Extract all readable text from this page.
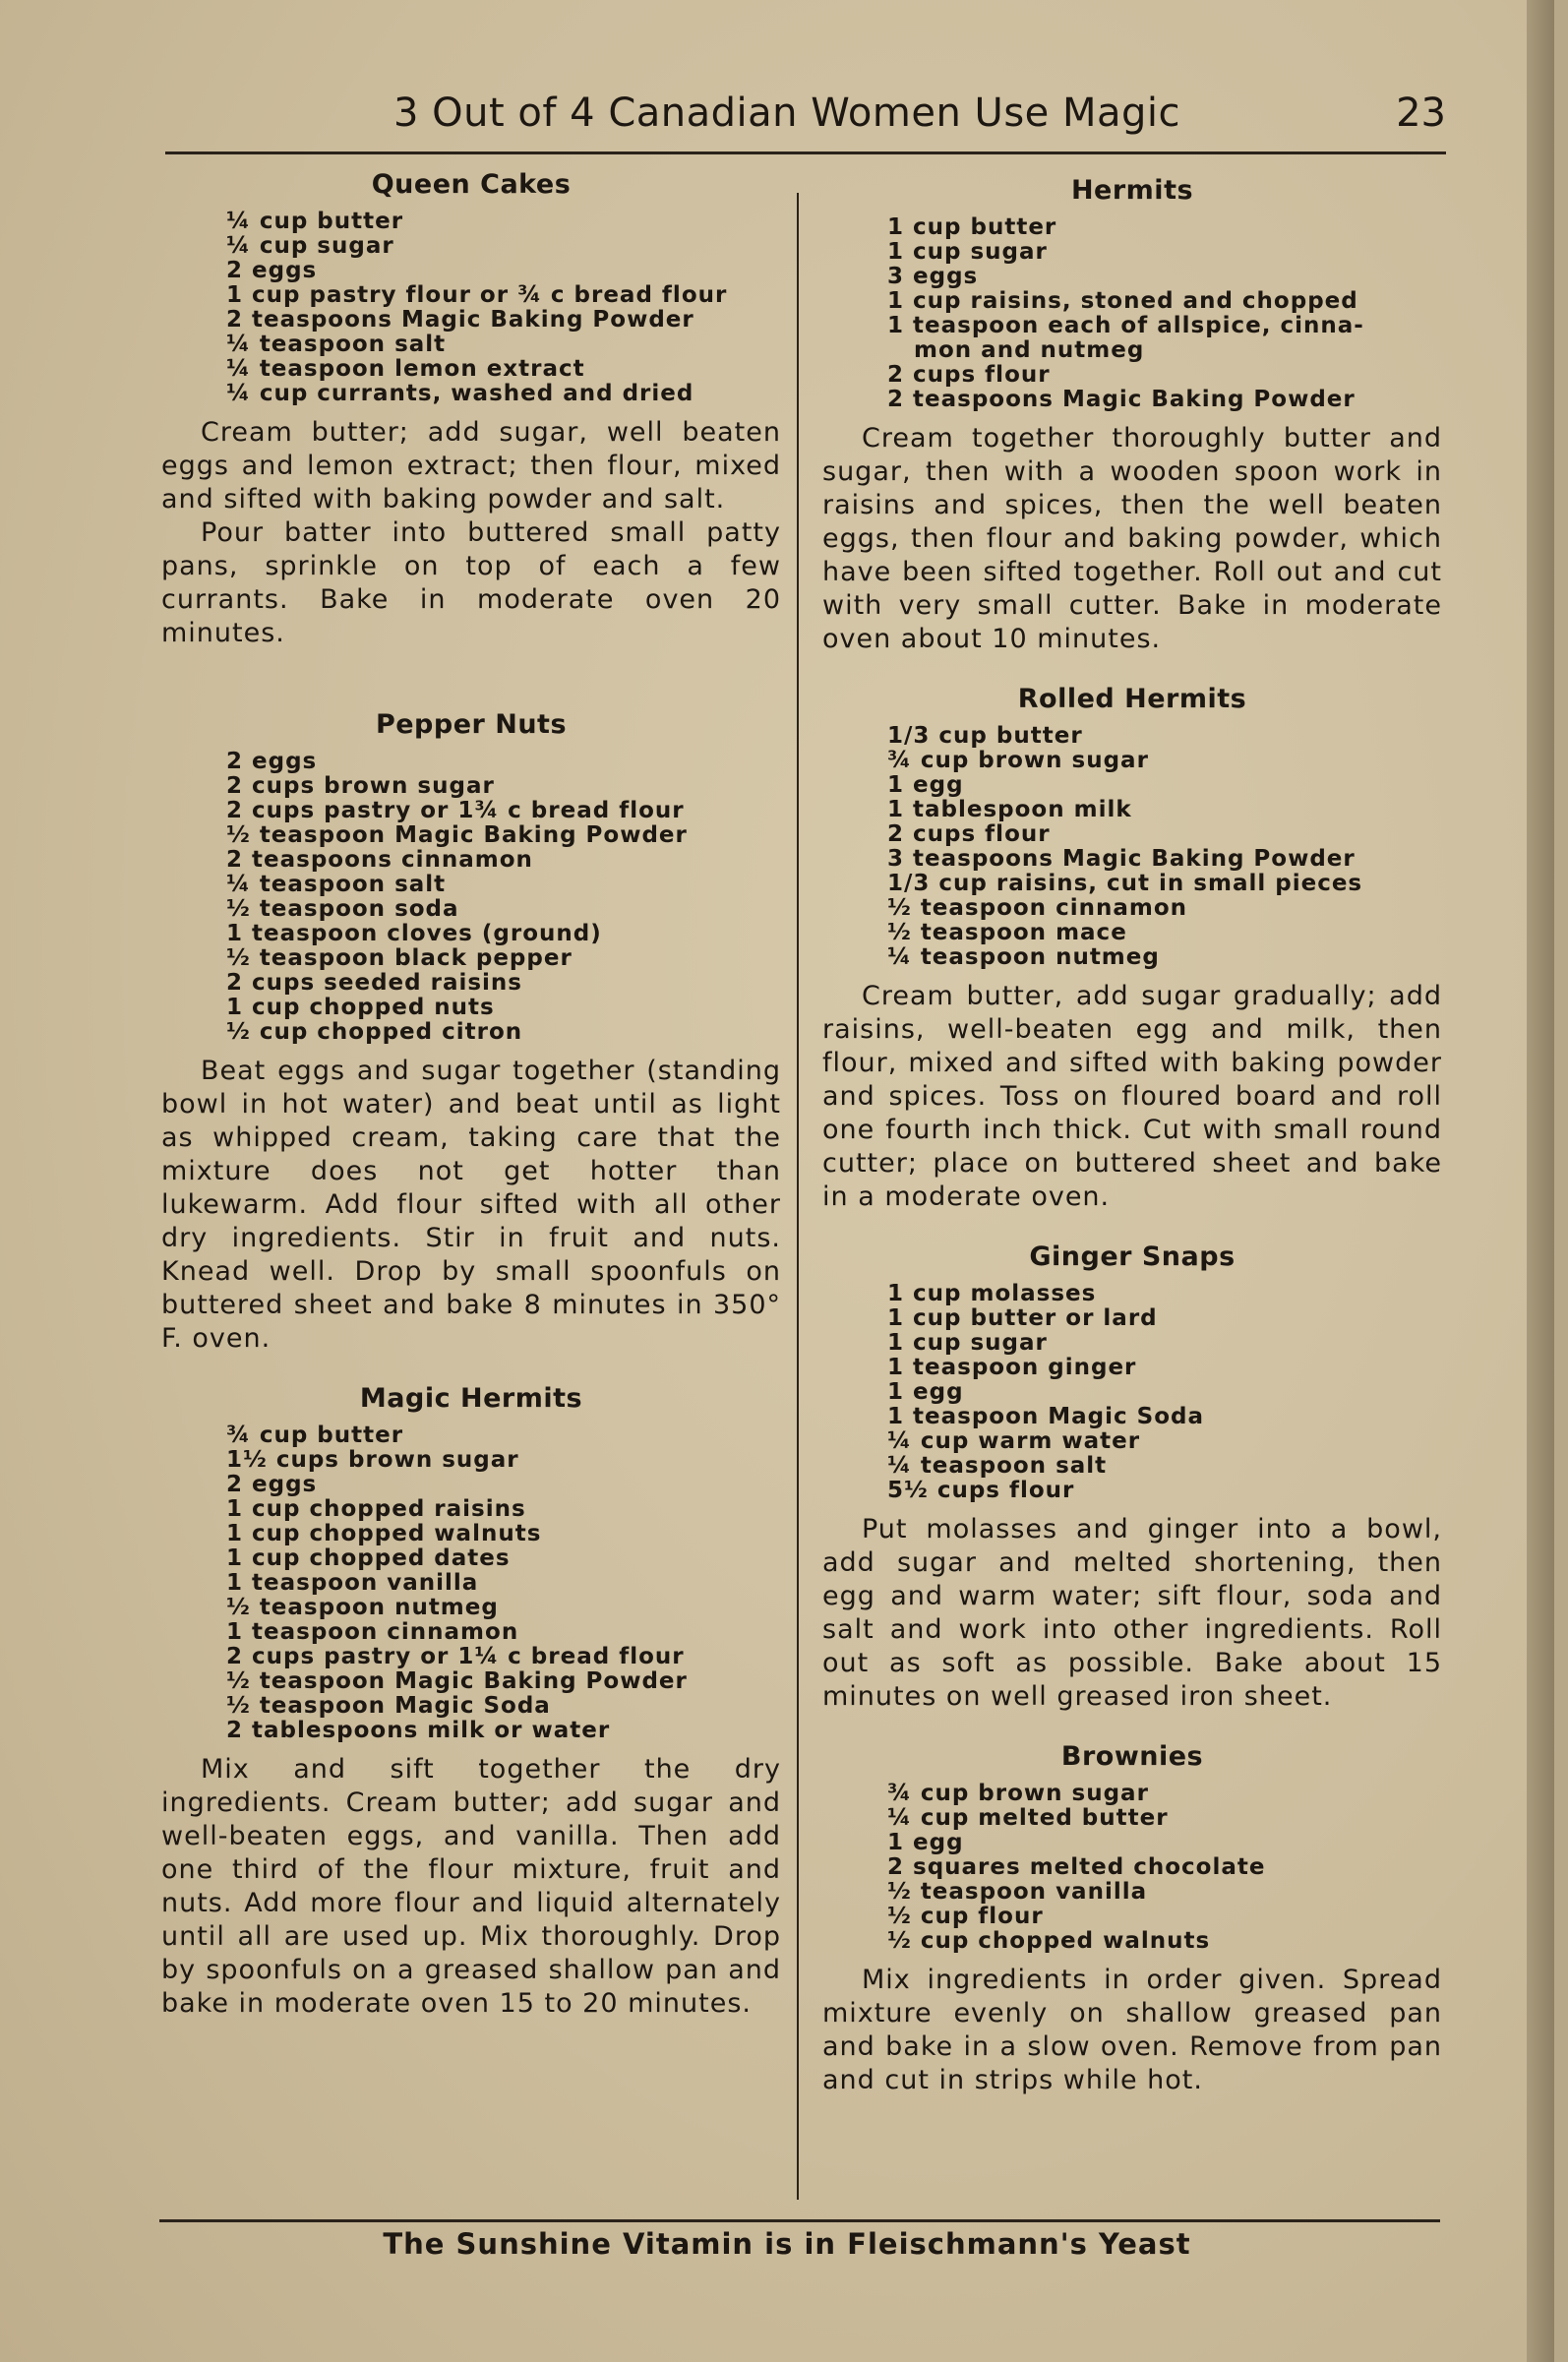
3 Out of 4 Canadian Women Use Magic	23
Queen Cakes
¼ cup butter
¼ cup sugar
2 eggs
1 cup pastry flour or ¾ c bread flour
2 teaspoons Magic Baking Powder
¼ teaspoon salt
¼ teaspoon lemon extract
¼ cup currants, washed and dried

Cream butter; add sugar, well beaten eggs and lemon extract; then flour, mixed and sifted with baking powder and salt.

Pour batter into buttered small patty pans, sprinkle on top of each a few currants. Bake in moderate oven 20 minutes.

Pepper Nuts
2 eggs
2 cups brown sugar
2 cups pastry or 1¾ c bread flour
½ teaspoon Magic Baking Powder
2 teaspoons cinnamon
¼ teaspoon salt
½ teaspoon soda
1 teaspoon cloves (ground)
½ teaspoon black pepper
2 cups seeded raisins
1 cup chopped nuts
½ cup chopped citron

Beat eggs and sugar together (standing bowl in hot water) and beat until as light as whipped cream, taking care that the mixture does not get hotter than lukewarm. Add flour sifted with all other dry ingredients. Stir in fruit and nuts. Knead well. Drop by small spoonfuls on buttered sheet and bake 8 minutes in 350° F. oven.

Magic Hermits
¾ cup butter
1½ cups brown sugar
2 eggs
1 cup chopped raisins
1 cup chopped walnuts
1 cup chopped dates
1 teaspoon vanilla
½ teaspoon nutmeg
1 teaspoon cinnamon
2 cups pastry or 1¼ c bread flour
½ teaspoon Magic Baking Powder
½ teaspoon Magic Soda
2 tablespoons milk or water

Mix and sift together the dry ingredients. Cream butter; add sugar and well-beaten eggs, and vanilla. Then add one third of the flour mixture, fruit and nuts. Add more flour and liquid alternately until all are used up. Mix thoroughly. Drop by spoonfuls on a greased shallow pan and bake in moderate oven 15 to 20 minutes.

Hermits
1 cup butter
1 cup sugar
3 eggs
1 cup raisins, stoned and chopped
1 teaspoon each of allspice, cinna-
mon and nutmeg
2 cups flour
2 teaspoons Magic Baking Powder

Cream together thoroughly butter and sugar, then with a wooden spoon work in raisins and spices, then the well beaten eggs, then flour and baking powder, which have been sifted together. Roll out and cut with very small cutter. Bake in moderate oven about 10 minutes.

Rolled Hermits
1/3 cup butter
¾ cup brown sugar
1 egg
1 tablespoon milk
2 cups flour
3 teaspoons Magic Baking Powder
1/3 cup raisins, cut in small pieces
½ teaspoon cinnamon
½ teaspoon mace
¼ teaspoon nutmeg

Cream butter, add sugar gradually; add raisins, well-beaten egg and milk, then flour, mixed and sifted with baking powder and spices. Toss on floured board and roll one fourth inch thick. Cut with small round cutter; place on buttered sheet and bake in a moderate oven.

Ginger Snaps
1 cup molasses
1 cup butter or lard
1 cup sugar
1 teaspoon ginger
1 egg
1 teaspoon Magic Soda
¼ cup warm water
¼ teaspoon salt
5½ cups flour

Put molasses and ginger into a bowl, add sugar and melted shortening, then egg and warm water; sift flour, soda and salt and work into other ingredients. Roll out as soft as possible. Bake about 15 minutes on well greased iron sheet.

Brownies
¾ cup brown sugar
¼ cup melted butter
1 egg
2 squares melted chocolate
½ teaspoon vanilla
½ cup flour
½ cup chopped walnuts

Mix ingredients in order given. Spread mixture evenly on shallow greased pan and bake in a slow oven. Remove from pan and cut in strips while hot.

The Sunshine Vitamin is in Fleischmann's Yeast
